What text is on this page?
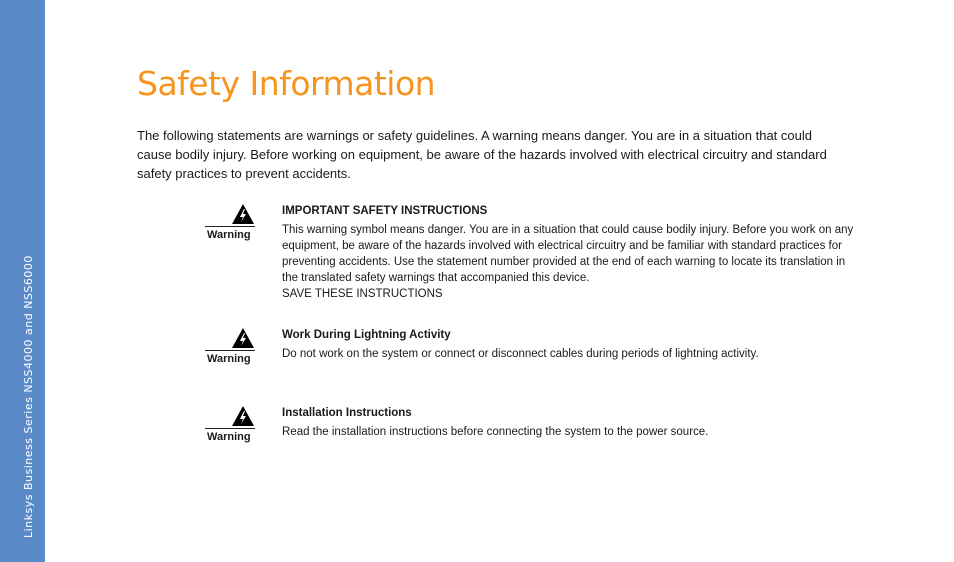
Linksys Business Series NSS4000 and NSS6000
Safety Information

The following statements are warnings or safety guidelines. A warning means danger. You are in a situation that could cause bodily injury. Before working on equipment, be aware of the hazards involved with electrical circuitry and standard safety practices to prevent accidents.

Warning
IMPORTANT SAFETY INSTRUCTIONS
This warning symbol means danger. You are in a situation that could cause bodily injury. Before you work on any equipment, be aware of the hazards involved with electrical circuitry and be familiar with standard practices for preventing accidents. Use the statement number provided at the end of each warning to locate its translation in the translated safety warnings that accompanied this device.
SAVE THESE INSTRUCTIONS
Warning
Work During Lightning Activity
Do not work on the system or connect or disconnect cables during periods of lightning activity.
Warning
Installation Instructions
Read the installation instructions before connecting the system to the power source.
